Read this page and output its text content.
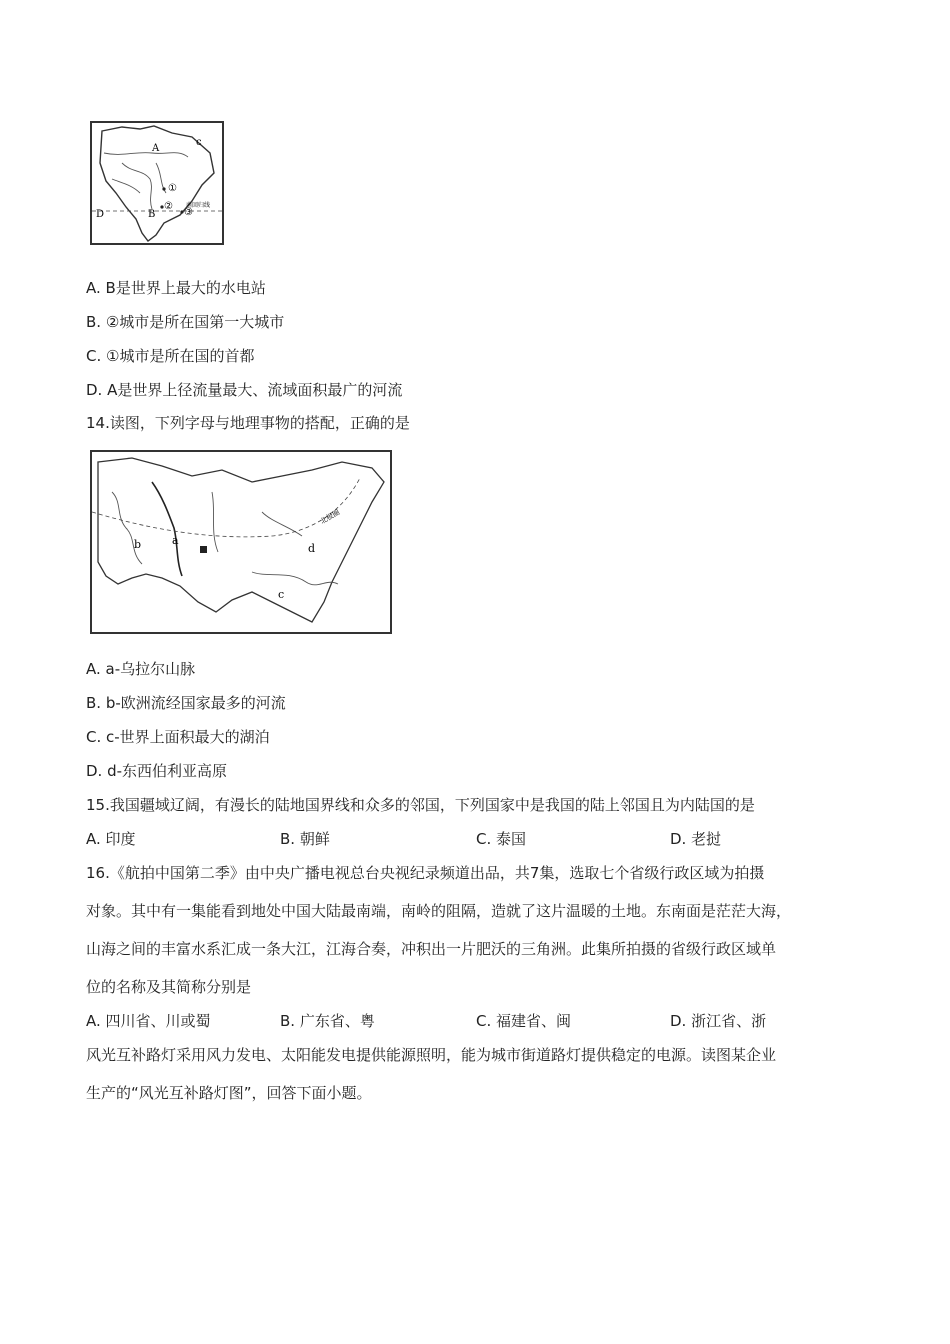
A
c
D	B
①
②
③
南回归线
A. B是世界上最大的水电站
B. ②城市是所在国第一大城市
C. ①城市是所在国的首都
D. A是世界上径流量最大、流域面积最广的河流
14.读图，下列字母与地理事物的搭配，正确的是
a
b
c
d
北极圈
A. a-乌拉尔山脉
B. b-欧洲流经国家最多的河流
C. c-世界上面积最大的湖泊
D. d-东西伯利亚高原
15.我国疆域辽阔，有漫长的陆地国界线和众多的邻国，下列国家中是我国的陆上邻国且为内陆国的是
A. 印度	B. 朝鲜	C. 泰国	D. 老挝
16.《航拍中国第二季》由中央广播电视总台央视纪录频道出品，共7集，选取七个省级行政区域为拍摄
对象。其中有一集能看到地处中国大陆最南端，南岭的阻隔，造就了这片温暖的土地。东南面是茫茫大海，
山海之间的丰富水系汇成一条大江，江海合奏，冲积出一片肥沃的三角洲。此集所拍摄的省级行政区域单
位的名称及其简称分别是
A. 四川省、川或蜀	B. 广东省、粤	C. 福建省、闽	D. 浙江省、浙
风光互补路灯采用风力发电、太阳能发电提供能源照明，能为城市街道路灯提供稳定的电源。读图某企业
生产的“风光互补路灯图”，回答下面小题。
